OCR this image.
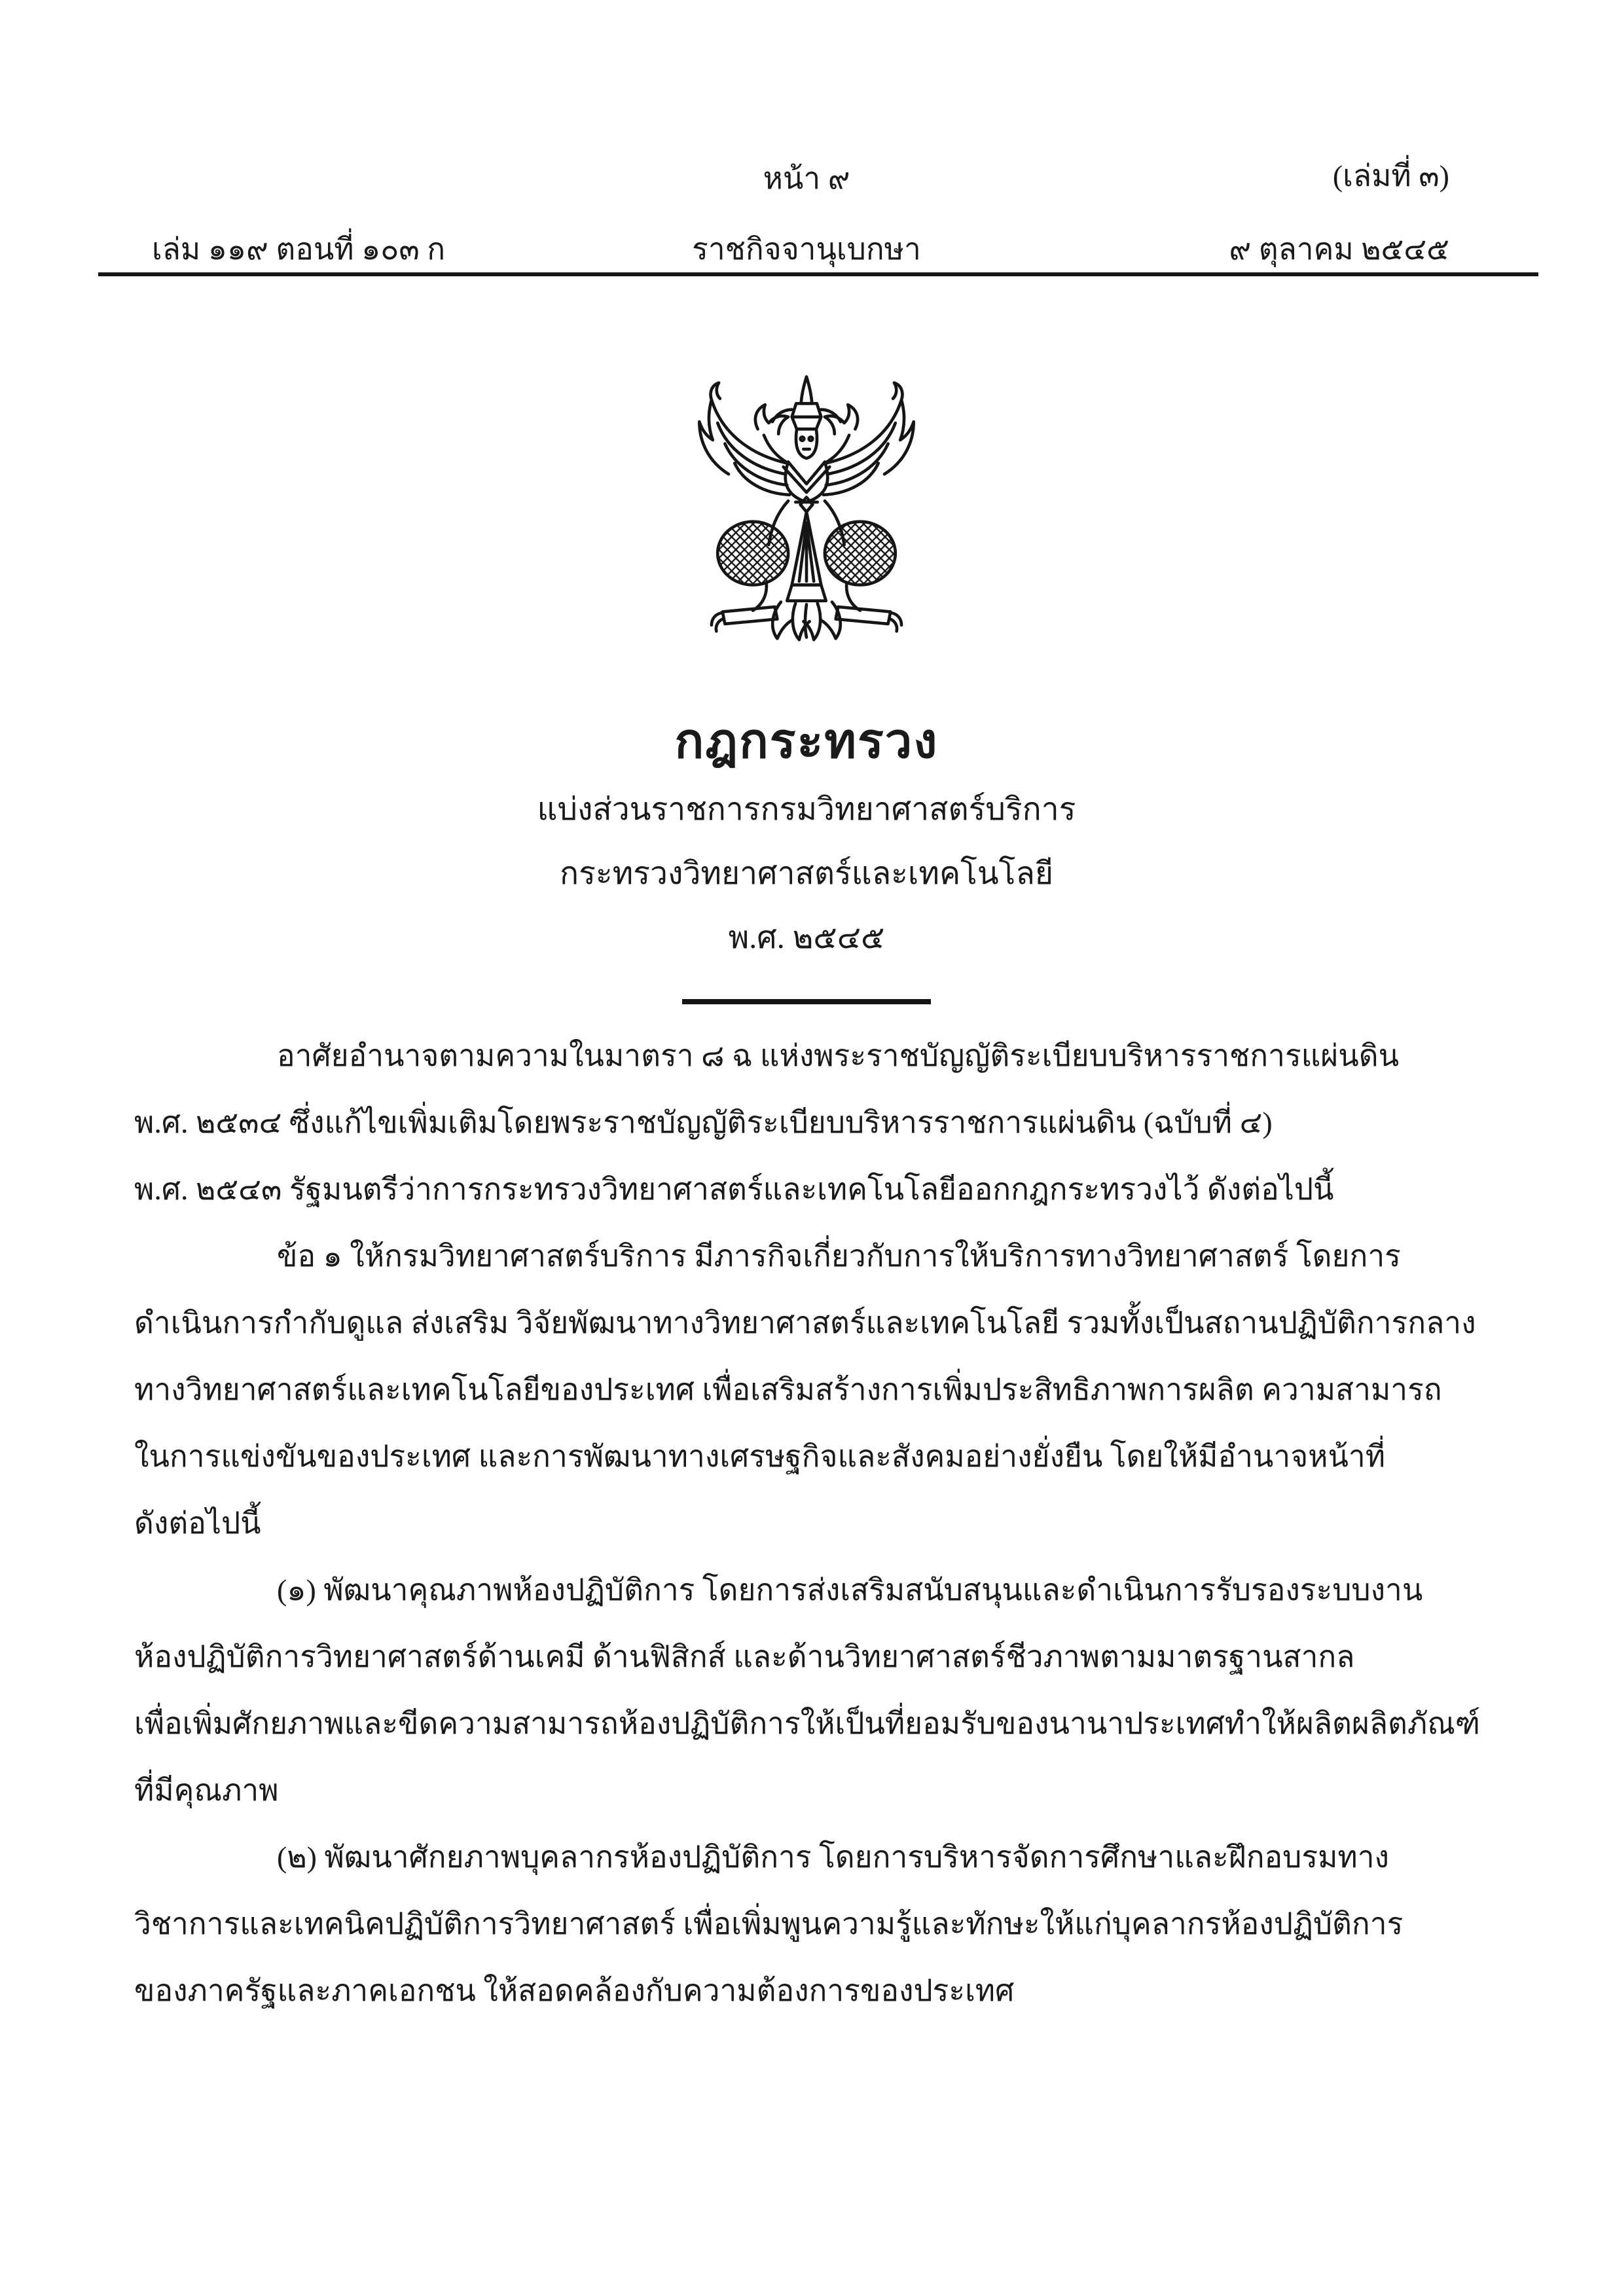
หน้า ๙	(เล่มที่ ๓)
เล่ม ๑๑๙ ตอนที่ ๑๐๓ ก	ราชกิจจานุเบกษา	๙ ตุลาคม ๒๕๔๕
กฎกระทรวง
แบ่งส่วนราชการกรมวิทยาศาสตร์บริการ
กระทรวงวิทยาศาสตร์และเทคโนโลยี
พ.ศ. ๒๕๔๕
อาศัยอำนาจตามความในมาตรา ๘ ฉ แห่งพระราชบัญญัติระเบียบบริหารราชการแผ่นดิน
พ.ศ. ๒๕๓๔ ซึ่งแก้ไขเพิ่มเติมโดยพระราชบัญญัติระเบียบบริหารราชการแผ่นดิน (ฉบับที่ ๔)
พ.ศ. ๒๕๔๓ รัฐมนตรีว่าการกระทรวงวิทยาศาสตร์และเทคโนโลยีออกกฎกระทรวงไว้ ดังต่อไปนี้
ข้อ ๑ ให้กรมวิทยาศาสตร์บริการ มีภารกิจเกี่ยวกับการให้บริการทางวิทยาศาสตร์ โดยการ
ดำเนินการกำกับดูแล ส่งเสริม วิจัยพัฒนาทางวิทยาศาสตร์และเทคโนโลยี รวมทั้งเป็นสถานปฏิบัติการกลาง
ทางวิทยาศาสตร์และเทคโนโลยีของประเทศ เพื่อเสริมสร้างการเพิ่มประสิทธิภาพการผลิต ความสามารถ
ในการแข่งขันของประเทศ และการพัฒนาทางเศรษฐกิจและสังคมอย่างยั่งยืน โดยให้มีอำนาจหน้าที่
ดังต่อไปนี้
(๑) พัฒนาคุณภาพห้องปฏิบัติการ โดยการส่งเสริมสนับสนุนและดำเนินการรับรองระบบงาน
ห้องปฏิบัติการวิทยาศาสตร์ด้านเคมี ด้านฟิสิกส์ และด้านวิทยาศาสตร์ชีวภาพตามมาตรฐานสากล
เพื่อเพิ่มศักยภาพและขีดความสามารถห้องปฏิบัติการให้เป็นที่ยอมรับของนานาประเทศทำให้ผลิตผลิตภัณฑ์
ที่มีคุณภาพ
(๒) พัฒนาศักยภาพบุคลากรห้องปฏิบัติการ โดยการบริหารจัดการศึกษาและฝึกอบรมทาง
วิชาการและเทคนิคปฏิบัติการวิทยาศาสตร์ เพื่อเพิ่มพูนความรู้และทักษะให้แก่บุคลากรห้องปฏิบัติการ
ของภาครัฐและภาคเอกชน ให้สอดคล้องกับความต้องการของประเทศ
